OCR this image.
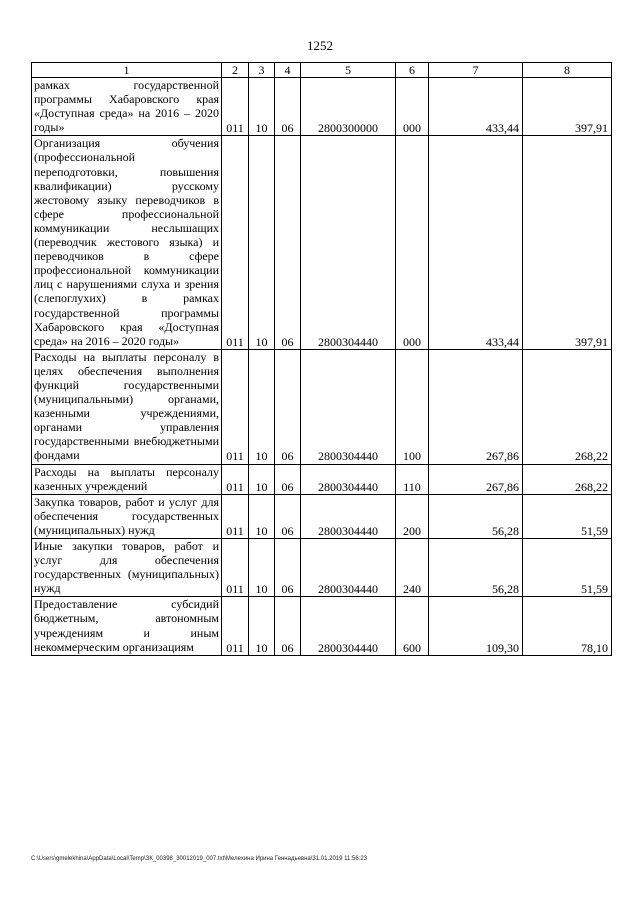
1252
1	2	3	4	5	6	7	8
рамках государственной программы Хабаровского края «Доступная среда» на 2016 – 2020 годы»	011	10	06	2800300000	000	433,44	397,91
Организация обучения (профессиональной переподготовки, повышения квалификации) русскому жестовому языку переводчиков в сфере профессиональной коммуникации неслышащих (переводчик жестового языка) и переводчиков в сфере профессиональной коммуникации лиц с нарушениями слуха и зрения (слепоглухих) в рамках государственной программы Хабаровского края «Доступная среда» на 2016 – 2020 годы»	011	10	06	2800304440	000	433,44	397,91
Расходы на выплаты персоналу в целях обеспечения выполнения функций государственными (муниципальными) органами, казенными учреждениями, органами управления государственными внебюджетными фондами	011	10	06	2800304440	100	267,86	268,22
Расходы на выплаты персоналу казенных учреждений	011	10	06	2800304440	110	267,86	268,22
Закупка товаров, работ и услуг для обеспечения государственных (муниципальных) нужд	011	10	06	2800304440	200	56,28	51,59
Иные закупки товаров, работ и услуг для обеспечения государственных (муниципальных) нужд	011	10	06	2800304440	240	56,28	51,59
Предоставление субсидий бюджетным, автономным учреждениям и иным некоммерческим организациям	011	10	06	2800304440	600	109,30	78,10
C:\Users\gmelekhina\AppData\Local\Temp\ЗК_00398_30012019_007.txt\Мелехина Ирина Геннадьевна\31.01.2019 11:56:23
